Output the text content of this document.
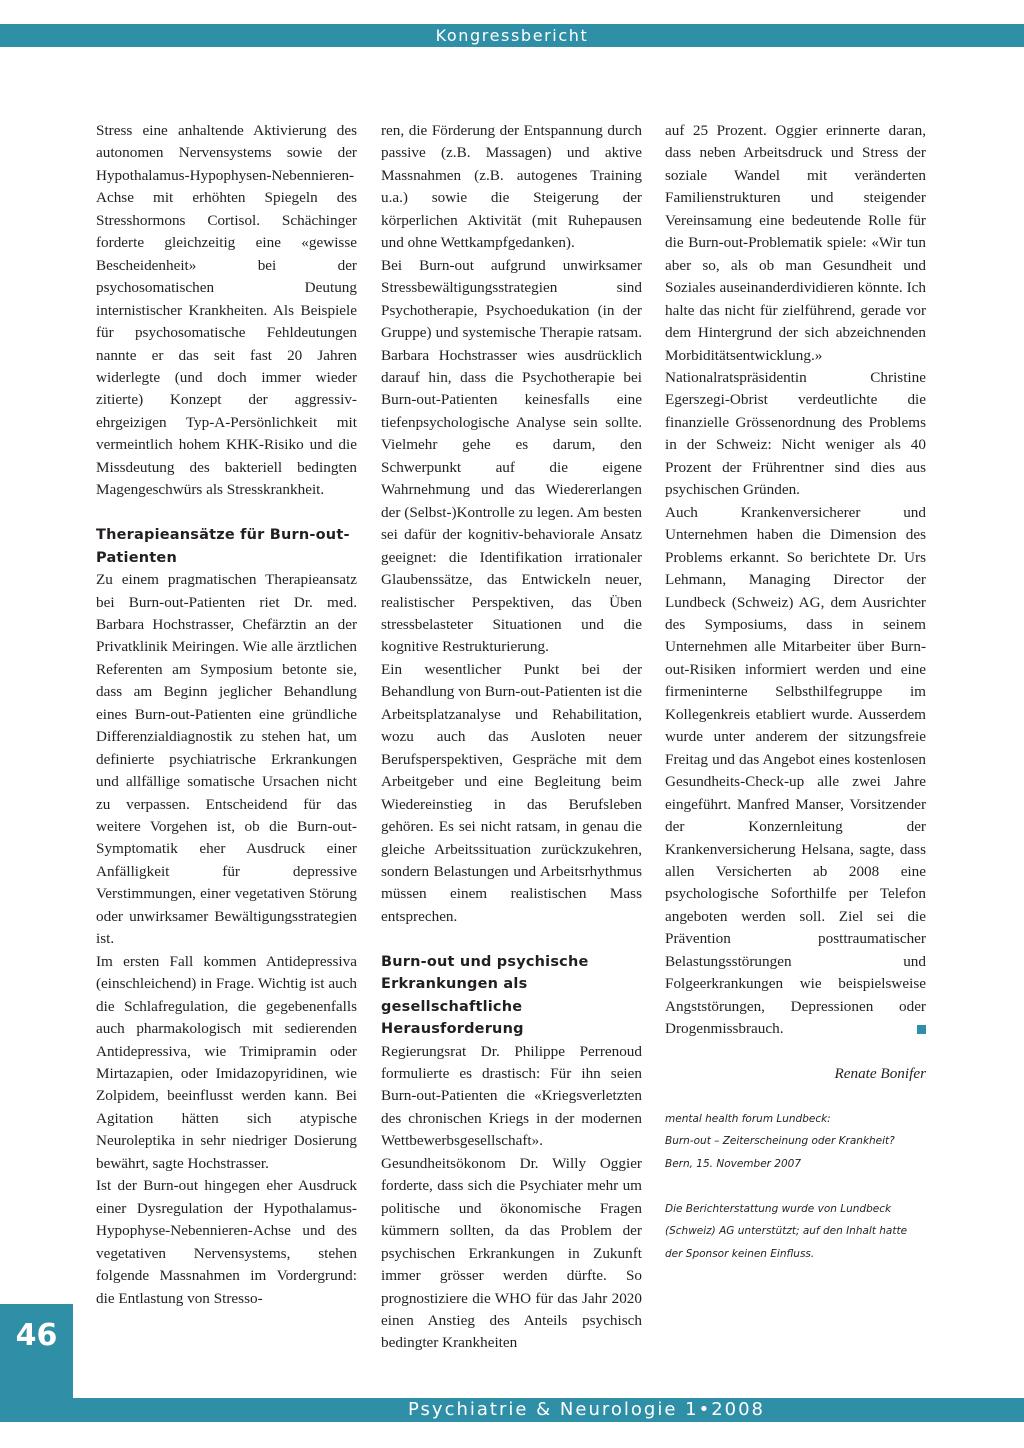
Kongressbericht

Stress eine anhaltende Aktivierung des autonomen Nervensystems sowie der Hypothalamus-Hypophysen-Nebennieren-Achse mit erhöhten Spiegeln des Stresshormons Cortisol. Schächinger forderte gleichzeitig eine «gewisse Bescheidenheit» bei der psychosomatischen Deutung internistischer Krankheiten. Als Beispiele für psychosomatische Fehldeutungen nannte er das seit fast 20 Jahren widerlegte (und doch immer wieder zitierte) Konzept der aggressiv-ehrgeizigen Typ-A-Persönlichkeit mit vermeintlich hohem KHK-Risiko und die Missdeutung des bakteriell bedingten Magengeschwürs als Stresskrankheit.

Therapieansätze für Burn-out-Patienten

Zu einem pragmatischen Therapieansatz bei Burn-out-Patienten riet Dr. med. Barbara Hochstrasser, Chefärztin an der Privatklinik Meiringen. Wie alle ärztlichen Referenten am Symposium betonte sie, dass am Beginn jeglicher Behandlung eines Burn-out-Patienten eine gründliche Differenzialdiagnostik zu stehen hat, um definierte psychiatrische Erkrankungen und allfällige somatische Ursachen nicht zu verpassen. Entscheidend für das weitere Vorgehen ist, ob die Burn-out-Symptomatik eher Ausdruck einer Anfälligkeit für depressive Verstimmungen, einer vegetativen Störung oder unwirksamer Bewältigungsstrategien ist.

Im ersten Fall kommen Antidepressiva (einschleichend) in Frage. Wichtig ist auch die Schlafregulation, die gegebenenfalls auch pharmakologisch mit sedierenden Antidepressiva, wie Trimipramin oder Mirtazapien, oder Imidazopyridinen, wie Zolpidem, beeinflusst werden kann. Bei Agitation hätten sich atypische Neuroleptika in sehr niedriger Dosierung bewährt, sagte Hochstrasser.

Ist der Burn-out hingegen eher Ausdruck einer Dysregulation der Hypothalamus-Hypophyse-Nebennieren-Achse und des vegetativen Nervensystems, stehen folgende Massnahmen im Vordergrund: die Entlastung von Stresso-

ren, die Förderung der Entspannung durch passive (z.B. Massagen) und aktive Massnahmen (z.B. autogenes Training u.a.) sowie die Steigerung der körperlichen Aktivität (mit Ruhepausen und ohne Wettkampfgedanken).

Bei Burn-out aufgrund unwirksamer Stressbewältigungsstrategien sind Psychotherapie, Psychoedukation (in der Gruppe) und systemische Therapie ratsam. Barbara Hochstrasser wies ausdrücklich darauf hin, dass die Psychotherapie bei Burn-out-Patienten keinesfalls eine tiefenpsychologische Analyse sein sollte. Vielmehr gehe es darum, den Schwerpunkt auf die eigene Wahrnehmung und das Wiedererlangen der (Selbst-)Kontrolle zu legen. Am besten sei dafür der kognitiv-behaviorale Ansatz geeignet: die Identifikation irrationaler Glaubenssätze, das Entwickeln neuer, realistischer Perspektiven, das Üben stressbelasteter Situationen und die kognitive Restrukturierung.

Ein wesentlicher Punkt bei der Behandlung von Burn-out-Patienten ist die Arbeitsplatzanalyse und Rehabilitation, wozu auch das Ausloten neuer Berufsperspektiven, Gespräche mit dem Arbeitgeber und eine Begleitung beim Wiedereinstieg in das Berufsleben gehören. Es sei nicht ratsam, in genau die gleiche Arbeitssituation zurückzukehren, sondern Belastungen und Arbeitsrhythmus müssen einem realistischen Mass entsprechen.

Burn-out und psychische Erkrankungen als gesellschaftliche Herausforderung

Regierungsrat Dr. Philippe Perrenoud formulierte es drastisch: Für ihn seien Burn-out-Patienten die «Kriegsverletzten des chronischen Kriegs in der modernen Wettbewerbsgesellschaft». Gesundheitsökonom Dr. Willy Oggier forderte, dass sich die Psychiater mehr um politische und ökonomische Fragen kümmern sollten, da das Problem der psychischen Erkrankungen in Zukunft immer grösser werden dürfte. So prognostiziere die WHO für das Jahr 2020 einen Anstieg des Anteils psychisch bedingter Krankheiten

auf 25 Prozent. Oggier erinnerte daran, dass neben Arbeitsdruck und Stress der soziale Wandel mit veränderten Familienstrukturen und steigender Vereinsamung eine bedeutende Rolle für die Burn-out-Problematik spiele: «Wir tun aber so, als ob man Gesundheit und Soziales auseinanderdividieren könnte. Ich halte das nicht für zielführend, gerade vor dem Hintergrund der sich abzeichnenden Morbiditätsentwicklung.» Nationalratspräsidentin Christine Egerszegi-Obrist verdeutlichte die finanzielle Grössenordnung des Problems in der Schweiz: Nicht weniger als 40 Prozent der Frührentner sind dies aus psychischen Gründen.

Auch Krankenversicherer und Unternehmen haben die Dimension des Problems erkannt. So berichtete Dr. Urs Lehmann, Managing Director der Lundbeck (Schweiz) AG, dem Ausrichter des Symposiums, dass in seinem Unternehmen alle Mitarbeiter über Burn-out-Risiken informiert werden und eine firmeninterne Selbsthilfegruppe im Kollegenkreis etabliert wurde. Ausserdem wurde unter anderem der sitzungsfreie Freitag und das Angebot eines kostenlosen Gesundheits-Check-up alle zwei Jahre eingeführt. Manfred Manser, Vorsitzender der Konzernleitung der Krankenversicherung Helsana, sagte, dass allen Versicherten ab 2008 eine psychologische Soforthilfe per Telefon angeboten werden soll. Ziel sei die Prävention posttraumatischer Belastungsstörungen und Folgeerkrankungen wie beispielsweise Angststörungen, Depressionen oder Drogenmissbrauch.

Renate Bonifer

mental health forum Lundbeck:

Burn-out – Zeiterscheinung oder Krankheit?

Bern, 15. November 2007

Die Berichterstattung wurde von Lundbeck (Schweiz) AG unterstützt; auf den Inhalt hatte der Sponsor keinen Einfluss.

46
Psychiatrie & Neurologie 1•2008
